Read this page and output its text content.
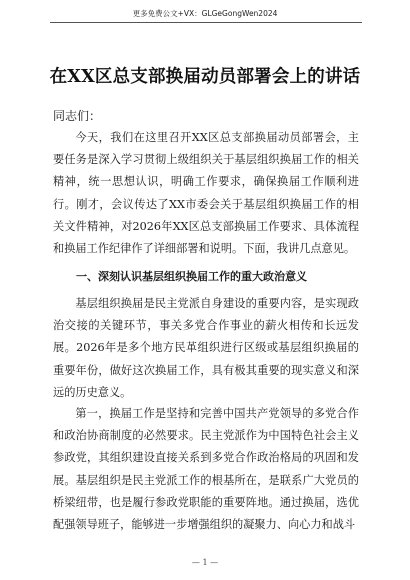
更多免费公文+VX：GLGeGongWen2024
在XX区总支部换届动员部署会上的讲话
同志们：

今天，我们在这里召开XX区总支部换届动员部署会，主要任务是深入学习贯彻上级组织关于基层组织换届工作的相关精神，统一思想认识，明确工作要求，确保换届工作顺利进行。刚才，会议传达了XX市委会关于基层组织换届工作的相关文件精神，对2026年XX区总支部换届工作要求、具体流程和换届工作纪律作了详细部署和说明。下面，我讲几点意见。

一、深刻认识基层组织换届工作的重大政治意义

基层组织换届是民主党派自身建设的重要内容，是实现政治交接的关键环节，事关多党合作事业的薪火相传和长远发展。2026年是多个地方民革组织进行区级或基层组织换届的重要年份，做好这次换届工作，具有极其重要的现实意义和深远的历史意义。

第一，换届工作是坚持和完善中国共产党领导的多党合作和政治协商制度的必然要求。民主党派作为中国特色社会主义参政党，其组织建设直接关系到多党合作政治格局的巩固和发展。基层组织是民主党派工作的根基所在，是联系广大党员的桥梁纽带，也是履行参政党职能的重要阵地。通过换届，选优配强领导班子，能够进一步增强组织的凝聚力、向心力和战斗

— 1 —
